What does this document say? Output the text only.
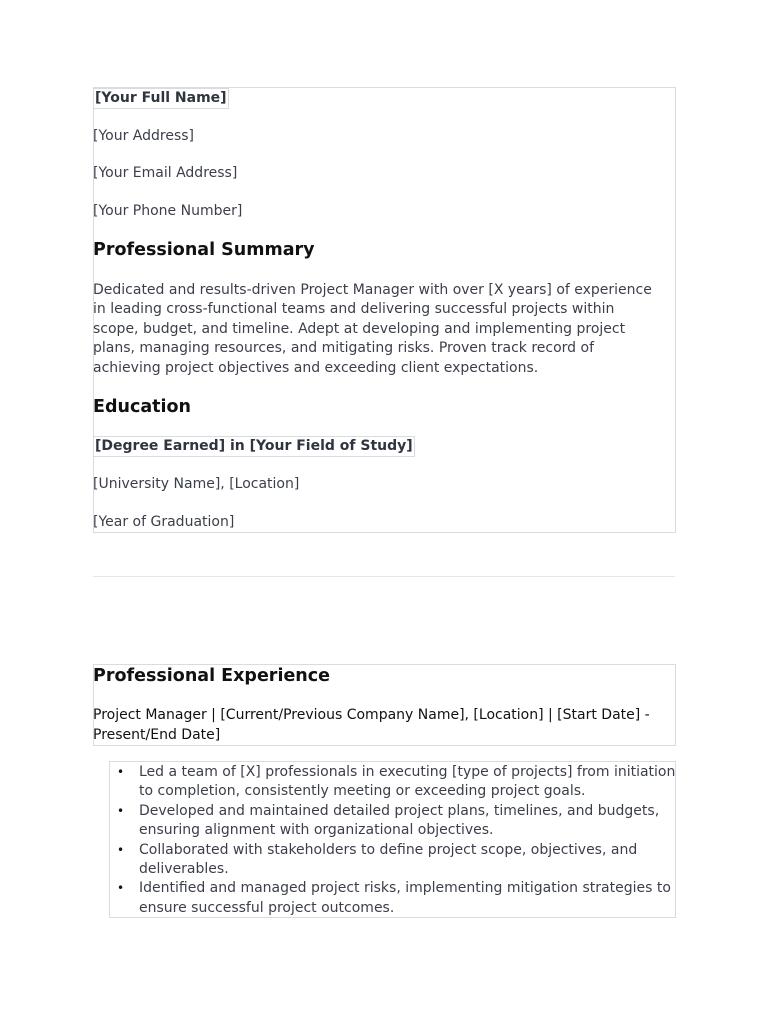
[Your Full Name]
[Your Address]
[Your Email Address]
[Your Phone Number]
Professional Summary
Dedicated and results-driven Project Manager with over [X years] of experience in leading cross-functional teams and delivering successful projects within scope, budget, and timeline. Adept at developing and implementing project plans, managing resources, and mitigating risks. Proven track record of achieving project objectives and exceeding client expectations.
Education
[Degree Earned] in [Your Field of Study]
[University Name], [Location]
[Year of Graduation]
Professional Experience
Project Manager | [Current/Previous Company Name], [Location] | [Start Date] - Present/End Date]
• Led a team of [X] professionals in executing [type of projects] from initiation to completion, consistently meeting or exceeding project goals.
• Developed and maintained detailed project plans, timelines, and budgets, ensuring alignment with organizational objectives.
• Collaborated with stakeholders to define project scope, objectives, and deliverables.
• Identified and managed project risks, implementing mitigation strategies to ensure successful project outcomes.
